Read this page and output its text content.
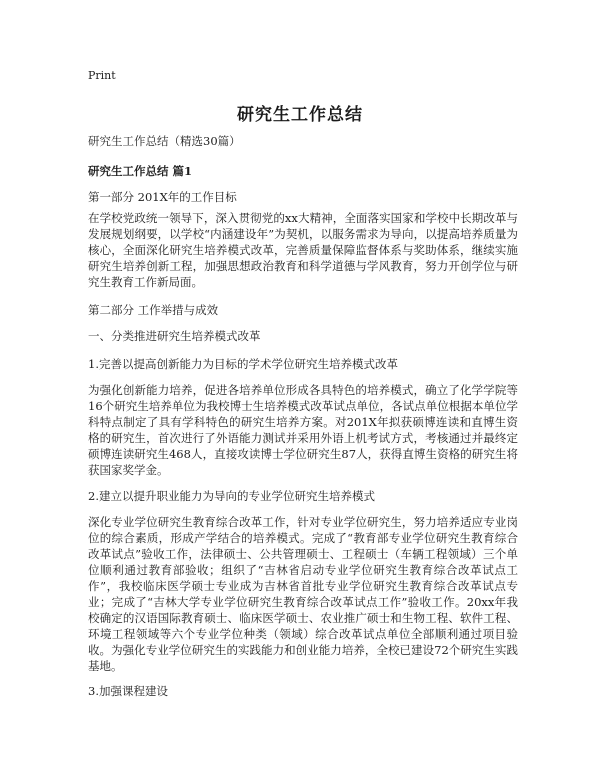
Print
研究生工作总结
研究生工作总结（精选30篇）
研究生工作总结 篇1
第一部分 201X年的工作目标
在学校党政统一领导下，深入贯彻党的xx大精神，全面落实国家和学校中长期改革与发展规划纲要，以学校“内涵建设年”为契机，以服务需求为导向，以提高培养质量为核心，全面深化研究生培养模式改革，完善质量保障监督体系与奖助体系，继续实施研究生培养创新工程，加强思想政治教育和科学道德与学风教育，努力开创学位与研究生教育工作新局面。
第二部分 工作举措与成效
一、分类推进研究生培养模式改革
1.完善以提高创新能力为目标的学术学位研究生培养模式改革
为强化创新能力培养，促进各培养单位形成各具特色的培养模式，确立了化学学院等16个研究生培养单位为我校博士生培养模式改革试点单位，各试点单位根据本单位学科特点制定了具有学科特色的研究生培养方案。对201X年拟获硕博连读和直博生资格的研究生，首次进行了外语能力测试并采用外语上机考试方式，考核通过并最终定硕博连读研究生468人，直接攻读博士学位研究生87人，获得直博生资格的研究生将获国家奖学金。
2.建立以提升职业能力为导向的专业学位研究生培养模式
深化专业学位研究生教育综合改革工作，针对专业学位研究生，努力培养适应专业岗位的综合素质，形成产学结合的培养模式。完成了“教育部专业学位研究生教育综合改革试点”验收工作，法律硕士、公共管理硕士、工程硕士（车辆工程领域）三个单位顺利通过教育部验收；组织了“吉林省启动专业学位研究生教育综合改革试点工作”，我校临床医学硕士专业成为吉林省首批专业学位研究生教育综合改革试点专业；完成了“吉林大学专业学位研究生教育综合改革试点工作”验收工作。20xx年我校确定的汉语国际教育硕士、临床医学硕士、农业推广硕士和生物工程、软件工程、环境工程领域等六个专业学位种类（领域）综合改革试点单位全部顺利通过项目验收。为强化专业学位研究生的实践能力和创业能力培养，全校已建设72个研究生实践基地。
3.加强课程建设
